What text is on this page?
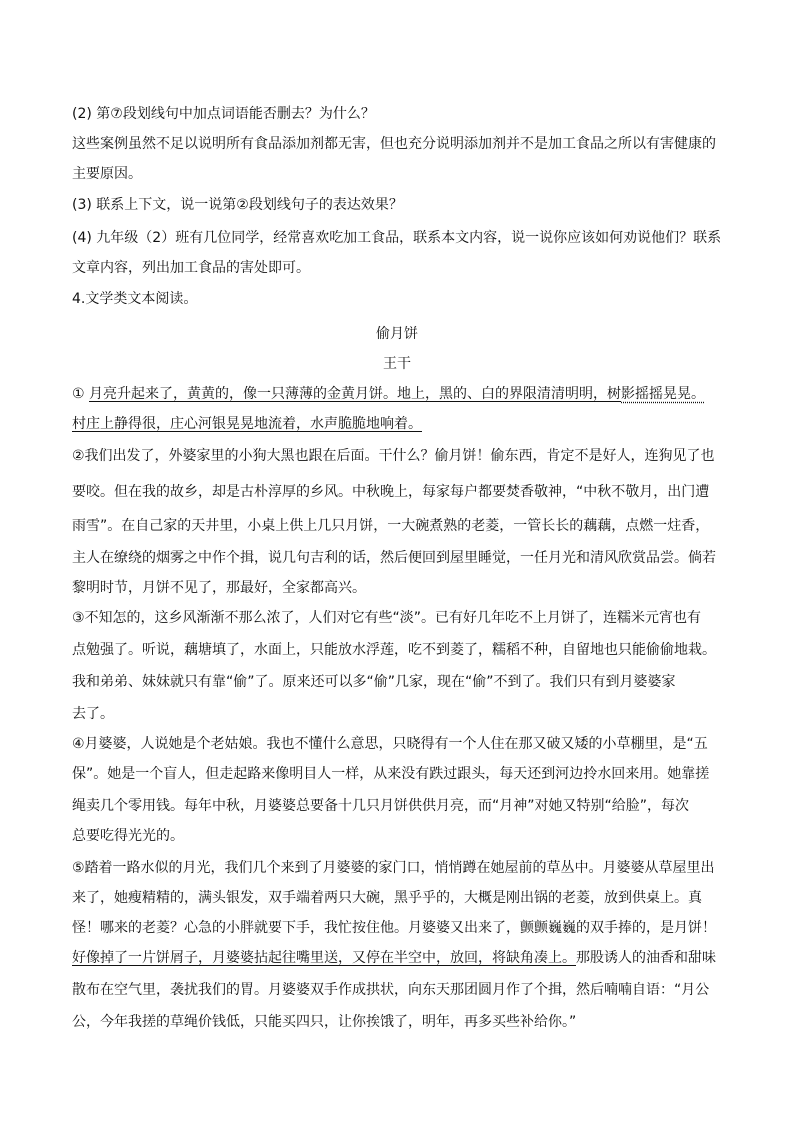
(2) 第⑦段划线句中加点词语能否删去？为什么？
这些案例虽然不足以说明所有食品添加剂都无害，但也充分说明添加剂并不是加工食品之所以有害健康的
主要原因。
(3) 联系上下文，说一说第②段划线句子的表达效果？
(4) 九年级（2）班有几位同学，经常喜欢吃加工食品，联系本文内容，说一说你应该如何劝说他们？联系
文章内容，列出加工食品的害处即可。
4.文学类文本阅读。
偷月饼
王干
① 月亮升起来了，黄黄的，像一只薄薄的金黄月饼。地上，黑的、白的界限清清明明，树影摇摇晃晃。
村庄上静得很，庄心河银晃晃地流着，水声脆脆地响着。
②我们出发了，外婆家里的小狗大黑也跟在后面。干什么？偷月饼！偷东西，肯定不是好人，连狗见了也
要咬。但在我的故乡，却是古朴淳厚的乡风。中秋晚上，每家每户都要焚香敬神，“中秋不敬月，出门遭
雨雪”。在自己家的天井里，小桌上供上几只月饼，一大碗煮熟的老菱，一管长长的藕藕，点燃一炷香，
主人在缭绕的烟雾之中作个揖，说几句吉利的话，然后便回到屋里睡觉，一任月光和清风欣赏品尝。倘若
黎明时节，月饼不见了，那最好，全家都高兴。
③不知怎的，这乡风渐渐不那么浓了，人们对它有些“淡”。已有好几年吃不上月饼了，连糯米元宵也有
点勉强了。听说，藕塘填了，水面上，只能放水浮莲，吃不到菱了，糯稻不种，自留地也只能偷偷地栽。
我和弟弟、妹妹就只有靠“偷”了。原来还可以多“偷”几家，现在“偷”不到了。我们只有到月婆婆家
去了。
④月婆婆，人说她是个老姑娘。我也不懂什么意思，只晓得有一个人住在那又破又矮的小草棚里，是“五
保”。她是一个盲人，但走起路来像明目人一样，从来没有跌过跟头，每天还到河边拎水回来用。她靠搓
绳卖几个零用钱。每年中秋，月婆婆总要备十几只月饼供供月亮，而“月神”对她又特别“给脸”，每次
总要吃得光光的。
⑤踏着一路水似的月光，我们几个来到了月婆婆的家门口，悄悄蹲在她屋前的草丛中。月婆婆从草屋里出
来了，她瘦精精的，满头银发，双手端着两只大碗，黑乎乎的，大概是刚出锅的老菱，放到供桌上。真
怪！哪来的老菱？心急的小胖就要下手，我忙按住他。月婆婆又出来了，颤颤巍巍的双手捧的，是月饼！
好像掉了一片饼屑子，月婆婆拈起往嘴里送，又停在半空中，放回，将缺角凑上。那股诱人的油香和甜味
散布在空气里，袭扰我们的胃。月婆婆双手作成拱状，向东天那团圆月作了个揖，然后喃喃自语：“月公
公，今年我搓的草绳价钱低，只能买四只，让你挨饿了，明年，再多买些补给你。”
